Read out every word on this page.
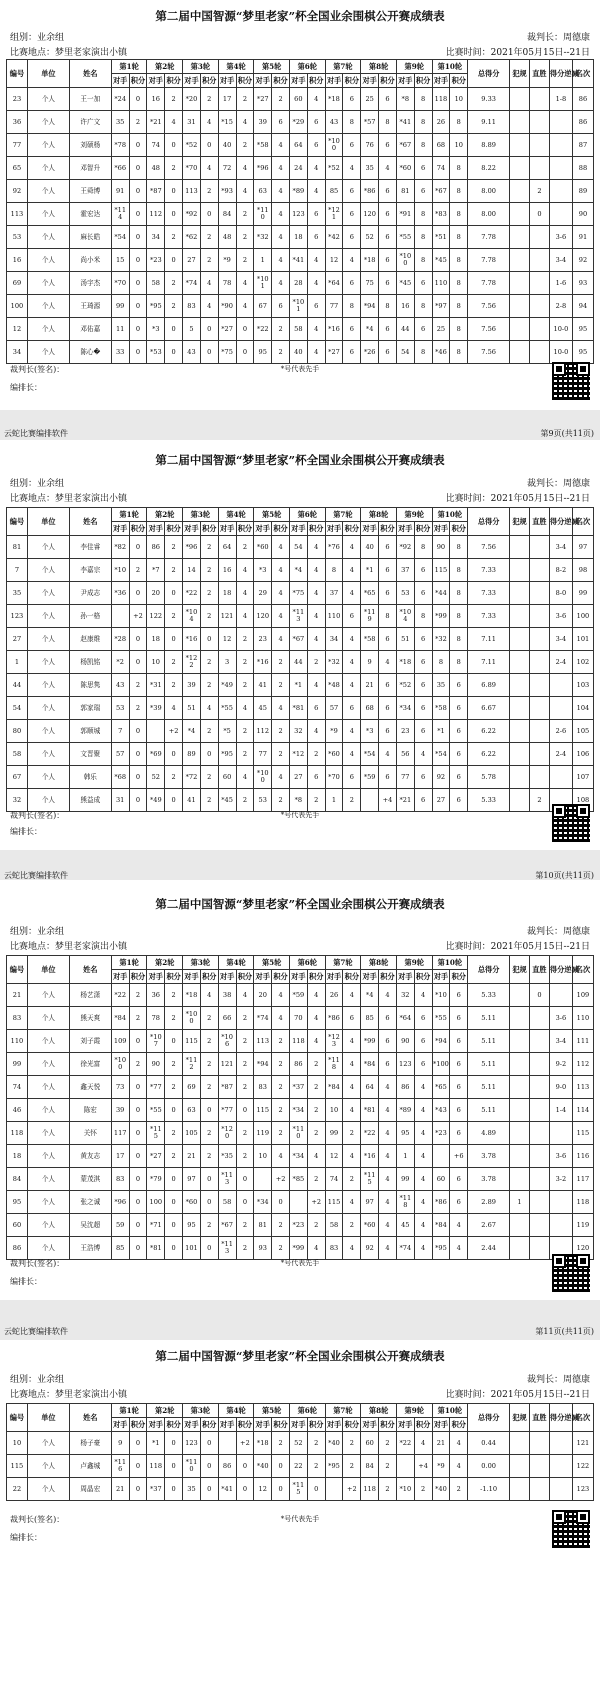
第二届中国智源“梦里老家”杯全国业余围棋公开赛成绩表
组别：业余组	裁判长：周德康
比赛地点：梦里老家演出小镇	比赛时间：2021年05月15日--21日
编号	单位	姓名	第1轮		第2轮		第3轮		第4轮		第5轮		第6轮		第7轮		第8轮		第9轮		第10轮		总得分	犯规	直胜	得分逆减	名次
			对手	积分	对手	积分	对手	积分	对手	积分	对手	积分	对手	积分	对手	积分	对手	积分	对手	积分	对手	积分					
23	个人	王一加	*24	0	16	2	*20	2	17	2	*27	2	60	4	*18	6	25	6	*8	8	118	10	9.33			1-8	86
36	个人	许广文	35	2	*21	4	31	4	*15	4	39	6	*29	6	43	8	*57	8	*41	8	26	8	9.11				86
77	个人	刘硕杨	*78	0	74	0	*52	0	40	2	*58	4	64	6	*10 0	6	76	6	*67	8	68	10	8.89				87
65	个人	邓智升	*66	0	48	2	*70	4	72	4	*96	4	24	4	*52	4	35	4	*60	6	74	8	8.22				88
92	个人	王舜博	91	0	*87	0	113	2	*93	4	63	4	*89	4	85	6	*86	6	81	6	*67	8	8.00		2		89
113	个人	霍宏达	*11 4	0	112	0	*92	0	84	2	*11 0	4	123	6	*12 1	6	120	6	*91	8	*83	8	8.00		0		90
53	个人	麻长皓	*54	0	34	2	*62	2	48	2	*32	4	18	6	*42	6	52	6	*55	8	*51	8	7.78			3-6	91
16	个人	尚小米	15	0	*23	0	27	2	*9	2	1	4	*41	4	12	4	*18	6	*10 0	8	*45	8	7.78			3-4	92
69	个人	汤宇杰	*70	0	58	2	*74	4	78	4	*10 1	4	28	4	*64	6	75	6	*45	6	110	8	7.78			1-6	93
100	个人	王琦源	99	0	*95	2	83	4	*90	4	67	6	*10 1	6	77	8	*94	8	16	8	*97	8	7.56			2-8	94
12	个人	邓佑嘉	11	0	*3	0	5	0	*27	0	*22	2	58	4	*16	6	*4	6	44	6	25	8	7.56			10-0	95
34	个人	陈心�	33	0	*53	0	43	0	*75	0	95	2	40	4	*27	6	*26	6	54	8	*46	8	7.56			10-0	95
裁判长(签名)：	*号代表先手
编排长：
云蛇比赛编排软件	第9页(共11页)
第二届中国智源“梦里老家”杯全国业余围棋公开赛成绩表
组别：业余组	裁判长：周德康
比赛地点：梦里老家演出小镇	比赛时间：2021年05月15日--21日
编号	单位	姓名	第1轮		第2轮		第3轮		第4轮		第5轮		第6轮		第7轮		第8轮		第9轮		第10轮		总得分	犯规	直胜	得分逆减	名次
			对手	积分	对手	积分	对手	积分	对手	积分	对手	积分	对手	积分	对手	积分	对手	积分	对手	积分	对手	积分					
81	个人	李佳睿	*82	0	86	2	*96	2	64	2	*60	4	54	4	*76	4	40	6	*92	8	90	8	7.56			3-4	97
7	个人	李嘉宗	*10	2	*7	2	14	2	16	4	*3	4	*4	4	8	4	*1	6	37	6	115	8	7.33			8-2	98
35	个人	尹成志	*36	0	20	0	*22	2	18	4	29	4	*75	4	37	4	*65	6	53	6	*44	8	7.33			8-0	99
123	个人	孙一格		+2	122	2	*10 4	2	121	4	120	4	*11 3	4	110	6	*11 9	8	*10 4	8	*99	8	7.33			3-6	100
27	个人	赵康维	*28	0	18	0	*16	0	12	2	23	4	*67	4	34	4	*58	6	51	6	*32	8	7.11			3-4	101
1	个人	杨凯铭	*2	0	10	2	*12 2	2	3	2	*16	2	44	2	*32	4	9	4	*18	6	8	8	7.11			2-4	102
44	个人	陈思隽	43	2	*31	2	39	2	*49	2	41	2	*1	4	*48	4	21	6	*52	6	35	6	6.89				103
54	个人	郭家瑞	53	2	*39	4	51	4	*55	4	45	4	*81	6	57	6	68	6	*34	6	*58	6	6.67				104
80	个人	郭顺城	7	0		+2	*4	2	*5	2	112	2	32	4	*9	4	*3	6	23	6	*1	6	6.22			2-6	105
58	个人	文晋聚	57	0	*69	0	89	0	*95	2	77	2	*12	2	*60	4	*54	4	56	4	*54	6	6.22			2-4	106
67	个人	韩乐	*68	0	52	2	*72	2	60	4	*10 0	4	27	6	*70	6	*59	6	77	6	92	6	5.78				107
32	个人	熊益成	31	0	*49	0	41	2	*45	2	53	2	*8	2	1	2		+4	*21	6	27	6	5.33		2		108
裁判长(签名)：	*号代表先手
编排长：
云蛇比赛编排软件	第10页(共11页)
第二届中国智源“梦里老家”杯全国业余围棋公开赛成绩表
组别：业余组	裁判长：周德康
比赛地点：梦里老家演出小镇	比赛时间：2021年05月15日--21日
编号	单位	姓名	第1轮		第2轮		第3轮		第4轮		第5轮		第6轮		第7轮		第8轮		第9轮		第10轮		总得分	犯规	直胜	得分逆减	名次
			对手	积分	对手	积分	对手	积分	对手	积分	对手	积分	对手	积分	对手	积分	对手	积分	对手	积分	对手	积分					
21	个人	杨艺潇	*22	2	36	2	*18	4	38	4	20	4	*59	4	26	4	*4	4	32	4	*10	6	5.33		0		109
83	个人	熊天爽	*84	2	78	2	*10 0	2	66	2	*74	4	70	4	*86	6	85	6	*64	6	*55	6	5.11			3-6	110
110	个人	刘子霞	109	0	*10 7	0	115	2	*10 6	2	113	2	118	4	*12 3	4	*99	6	90	6	*94	6	5.11			3-4	111
99	个人	徐光富	*10 0	2	90	2	*11 2	2	121	2	*94	2	86	2	*11 8	4	*84	6	123	6	*100	6	5.11			9-2	112
74	个人	鑫天悦	73	0	*77	2	69	2	*87	2	83	2	*37	2	*84	4	64	4	86	4	*65	6	5.11			9-0	113
46	个人	陈宏	39	0	*55	0	63	0	*77	0	115	2	*34	2	10	4	*81	4	*89	4	*43	6	5.11			1-4	114
118	个人	关怀	117	0	*11 5	2	105	2	*12 0	2	119	2	*11 0	2	99	2	*22	4	95	4	*23	6	4.89				115
18	个人	黄友志	17	0	*27	2	21	2	*35	2	10	4	*34	4	12	4	*16	4	1	4		+6	3.78			3-6	116
84	个人	蒙茂淇	83	0	*79	0	97	0	*11 3	0		+2	*85	2	74	2	*11 5	4	99	4	60	6	3.78			3-2	117
95	个人	张之诚	*96	0	100	0	*60	0	58	0	*34	0		+2	115	4	97	4	*11 8	4	*86	6	2.89	1			118
60	个人	吴沈超	59	0	*71	0	95	2	*67	2	81	2	*23	2	58	2	*60	4	45	4	*84	4	2.67				119
86	个人	王浩博	85	0	*81	0	101	0	*11 3	2	93	2	*99	4	83	4	92	4	*74	4	*95	4	2.44				120
裁判长(签名)：	*号代表先手
编排长：
云蛇比赛编排软件	第11页(共11页)
第二届中国智源“梦里老家”杯全国业余围棋公开赛成绩表
组别：业余组	裁判长：周德康
比赛地点：梦里老家演出小镇	比赛时间：2021年05月15日--21日
编号	单位	姓名	第1轮		第2轮		第3轮		第4轮		第5轮		第6轮		第7轮		第8轮		第9轮		第10轮		总得分	犯规	直胜	得分逆减	名次
			对手	积分	对手	积分	对手	积分	对手	积分	对手	积分	对手	积分	对手	积分	对手	积分	对手	积分	对手	积分					
10	个人	杨子豪	9	0	*1	0	123	0		+2	*18	2	52	2	*40	2	60	2	*22	4	21	4	0.44				121
115	个人	卢鑫城	*11 6	0	118	0	*11 0	0	86	0	*40	0	22	2	*95	2	84	2		+4	*9	4	0.00				122
22	个人	周晶宏	21	0	*37	0	35	0	*41	0	12	0	*11 5	0		+2	118	2	*10	2	*40	2	-1.10				123
裁判长(签名)：	*号代表先手
编排长：
